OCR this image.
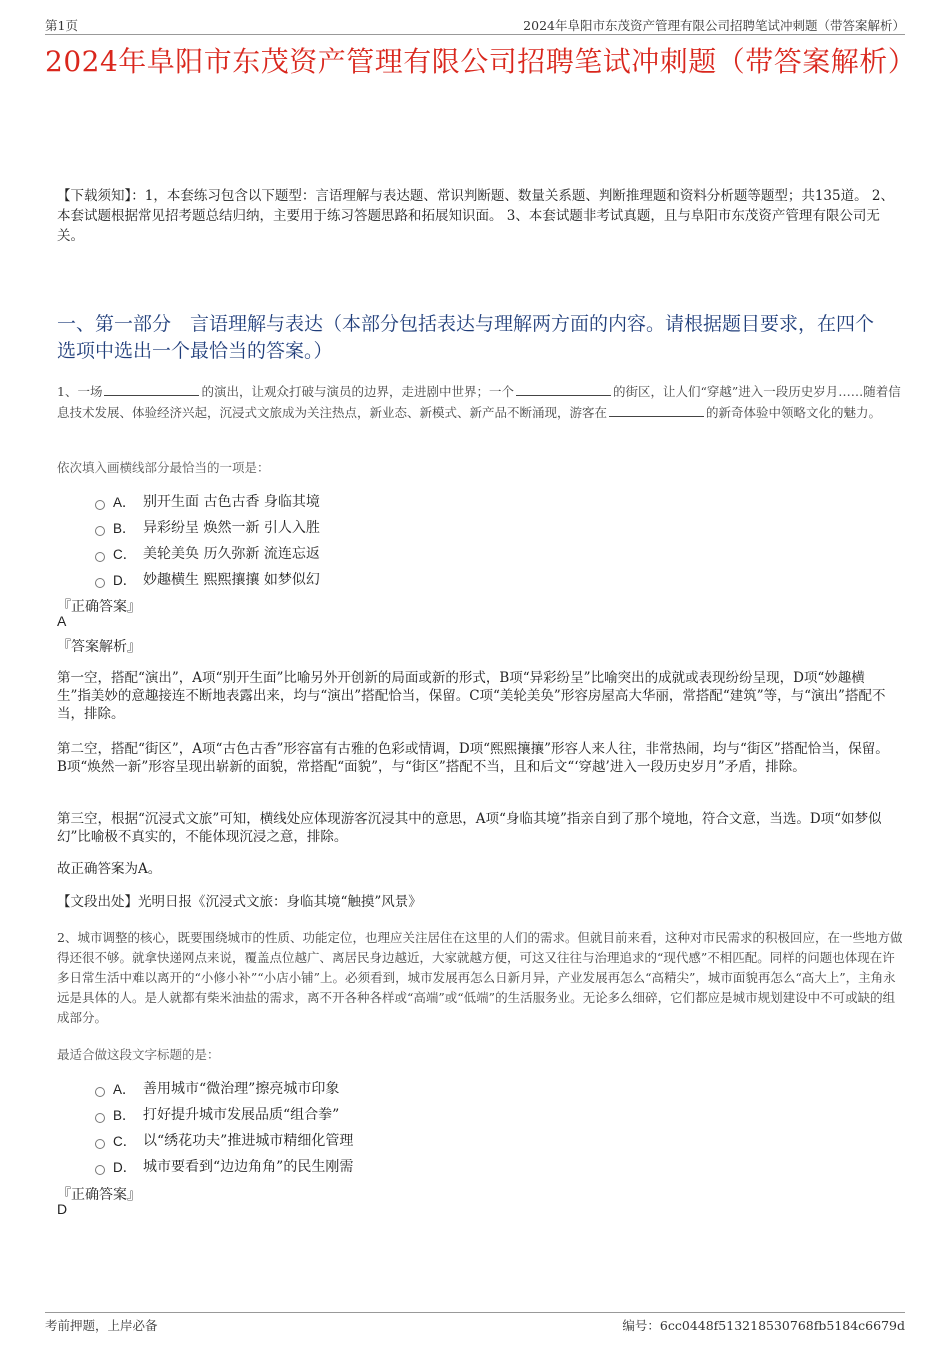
第1页	2024年阜阳市东茂资产管理有限公司招聘笔试冲刺题（带答案解析）
2024年阜阳市东茂资产管理有限公司招聘笔试冲刺题（带答案解析）
【下载须知】：1，本套练习包含以下题型：言语理解与表达题、常识判断题、数量关系题、判断推理题和资料分析题等题型；共135道。 2、本套试题根据常见招考题总结归纳，主要用于练习答题思路和拓展知识面。 3、本套试题非考试真题，且与阜阳市东茂资产管理有限公司无关。
一、第一部分　言语理解与表达（本部分包括表达与理解两方面的内容。请根据题目要求，在四个选项中选出一个最恰当的答案。）
1、一场	的演出，让观众打破与演员的边界，走进剧中世界；一个	的街区，让人们“穿越”进入一段历史岁月……随着信息技术发展、体验经济兴起，沉浸式文旅成为关注热点，新业态、新模式、新产品不断涌现，游客在	的新奇体验中领略文化的魅力。
依次填入画横线部分最恰当的一项是：
A． 别开生面 古色古香 身临其境
B． 异彩纷呈 焕然一新 引人入胜
C． 美轮美奂 历久弥新 流连忘返
D． 妙趣横生 熙熙攘攘 如梦似幻
『正确答案』
A
『答案解析』
第一空，搭配“演出”，A项“别开生面”比喻另外开创新的局面或新的形式，B项“异彩纷呈”比喻突出的成就或表现纷纷呈现，D项“妙趣横生”指美妙的意趣接连不断地表露出来，均与“演出”搭配恰当，保留。C项“美轮美奂”形容房屋高大华丽，常搭配“建筑”等，与“演出”搭配不当，排除。
第二空，搭配“街区”，A项“古色古香”形容富有古雅的色彩或情调，D项“熙熙攘攘”形容人来人往，非常热闹，均与“街区”搭配恰当，保留。B项“焕然一新”形容呈现出崭新的面貌，常搭配“面貌”，与“街区”搭配不当，且和后文“‘穿越’进入一段历史岁月”矛盾，排除。
第三空，根据“沉浸式文旅”可知，横线处应体现游客沉浸其中的意思，A项“身临其境”指亲自到了那个境地，符合文意，当选。D项“如梦似幻”比喻极不真实的，不能体现沉浸之意，排除。
故正确答案为A。
【文段出处】光明日报《沉浸式文旅：身临其境“触摸”风景》
2、城市调整的核心，既要围绕城市的性质、功能定位，也理应关注居住在这里的人们的需求。但就目前来看，这种对市民需求的积极回应，在一些地方做得还很不够。就拿快递网点来说，覆盖点位越广、离居民身边越近，大家就越方便，可这又往往与治理追求的“现代感”不相匹配。同样的问题也体现在许多日常生活中难以离开的“小修小补”“小店小铺”上。必须看到，城市发展再怎么日新月异，产业发展再怎么“高精尖”，城市面貌再怎么“高大上”，主角永远是具体的人。是人就都有柴米油盐的需求，离不开各种各样或“高端”或“低端”的生活服务业。无论多么细碎，它们都应是城市规划建设中不可或缺的组成部分。
最适合做这段文字标题的是：
A． 善用城市“微治理”擦亮城市印象
B． 打好提升城市发展品质“组合拳”
C． 以“绣花功夫”推进城市精细化管理
D． 城市要看到“边边角角”的民生刚需
『正确答案』
D
考前押题，上岸必备	编号：6cc0448f513218530768fb5184c6679d
